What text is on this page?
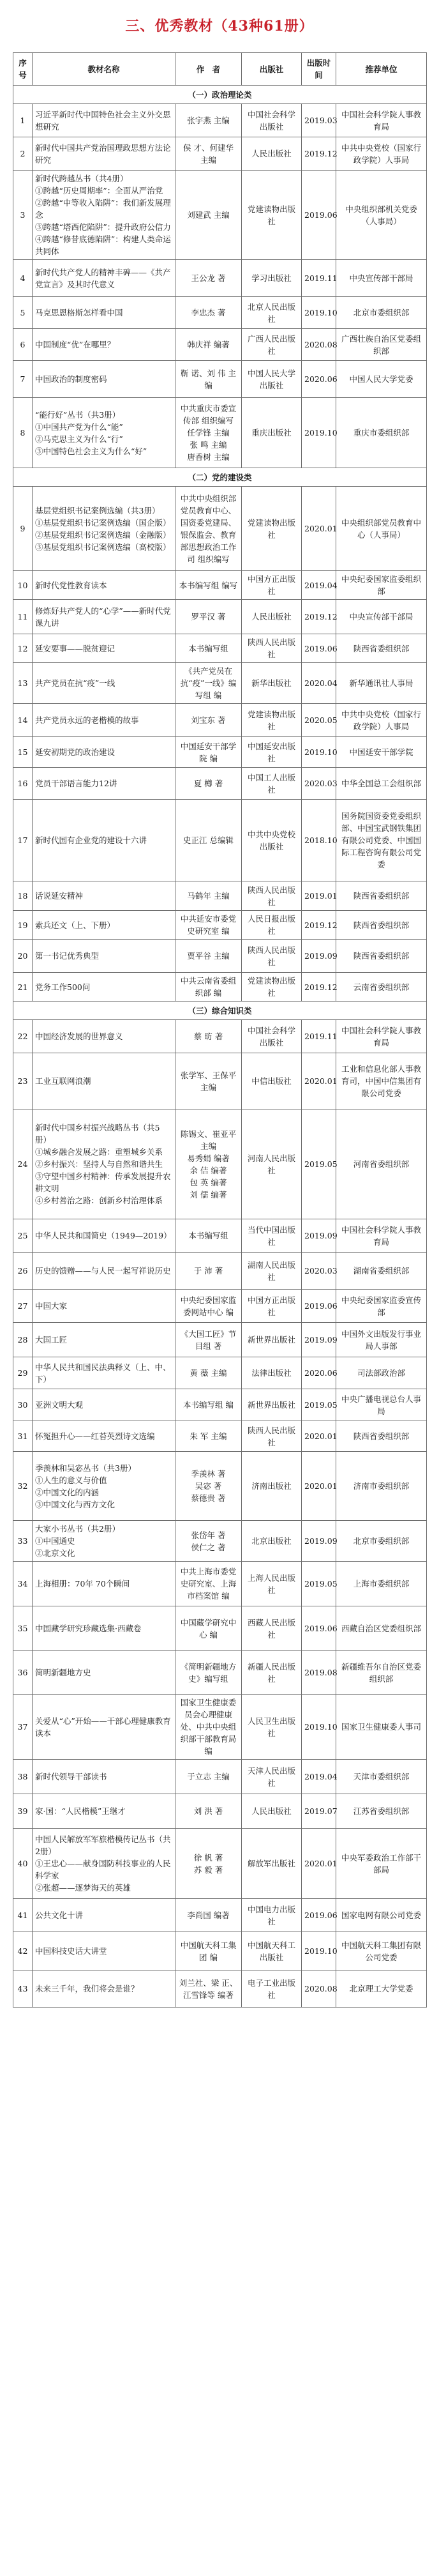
三、优秀教材（43种61册）
序号	教材名称	作　者	出版社	出版时间	推荐单位
（一）政治理论类					
1	习近平新时代中国特色社会主义外交思想研究	张宇燕 主编	中国社会科学出版社	2019.03	中国社会科学院人事教育局
2	新时代中国共产党治国理政思想方法论研究	侯 才、何建华 主编	人民出版社	2019.12	中共中央党校（国家行政学院）人事局
3	新时代跨越丛书（共4册）
①跨越“历史周期率”：全面从严治党
②跨越“中等收入陷阱”：我们新发展理念
③跨越“塔西佗陷阱”：提升政府公信力
④跨越“修昔底德陷阱”：构建人类命运共同体	刘建武 主编	党建读物出版社	2019.06	中央组织部机关党委（人事局）
4	新时代共产党人的精神丰碑——《共产党宣言》及其时代意义	王公龙 著	学习出版社	2019.11	中央宣传部干部局
5	马克思恩格斯怎样看中国	李忠杰 著	北京人民出版社	2019.10	北京市委组织部
6	中国制度“优”在哪里？	韩庆祥 编著	广西人民出版社	2020.08	广西壮族自治区党委组织部
7	中国政治的制度密码	靳 诺、刘 伟 主编	中国人民大学出版社	2020.06	中国人民大学党委
8	“能行好”丛书（共3册）
①中国共产党为什么“能”
②马克思主义为什么“行”
③中国特色社会主义为什么“好”	中共重庆市委宣传部 组织编写
任学锋 主编
张 鸣 主编
唐香树 主编	重庆出版社	2019.10	重庆市委组织部
（二）党的建设类					
9	基层党组织书记案例选编（共3册）
①基层党组织书记案例选编（国企版）
②基层党组织书记案例选编（金融版）
③基层党组织书记案例选编（高校版）	中共中央组织部党员教育中心、国资委党建局、银保监会、教育部思想政治工作司 组织编写	党建读物出版社	2020.01	中央组织部党员教育中心（人事局）
10	新时代党性教育读本	本书编写组 编写	中国方正出版社	2019.04	中央纪委国家监委组织部
11	修炼好共产党人的“心学”——新时代党课九讲	罗平汉 著	人民出版社	2019.12	中央宣传部干部局
12	延安要事——脱贫迎记	本书编写组	陕西人民出版社	2019.06	陕西省委组织部
13	共产党员在抗“疫”一线	《共产党员在抗“疫”一线》编写组 编	新华出版社	2020.04	新华通讯社人事局
14	共产党员永远的老楷模的故事	刘宝东 著	党建读物出版社	2020.05	中共中央党校（国家行政学院）人事局
15	延安初期党的政治建设	中国延安干部学院 编	中国延安出版社	2019.10	中国延安干部学院
16	党员干部语言能力12讲	夏 樽 著	中国工人出版社	2020.03	中华全国总工会组织部
17	新时代国有企业党的建设十六讲	史正江 总编辑	中共中央党校出版社	2018.10	国务院国资委党委组织部、中国宝武钢铁集团有限公司党委、中国国际工程咨询有限公司党委
18	话说延安精神	马鹤年 主编	陕西人民出版社	2019.01	陕西省委组织部
19	索兵还文（上、下册）	中共延安市委党史研究室 编	人民日报出版社	2019.12	陕西省委组织部
20	第一书记优秀典型	贾平谷 主编	陕西人民出版社	2019.09	陕西省委组织部
21	党务工作500问	中共云南省委组织部 编	党建读物出版社	2019.12	云南省委组织部
（三）综合知识类					
22	中国经济发展的世界意义	蔡 昉 著	中国社会科学出版社	2019.11	中国社会科学院人事教育局
23	工业互联网浪潮	张学军、王保平 主编	中信出版社	2020.01	工业和信息化部人事教育司，中国中信集团有限公司党委
24	新时代中国乡村振兴战略丛书（共5册）
①城乡融合发展之路：重塑城乡关系
②乡村振兴：坚持人与自然和谐共生
③守望中国乡村精神：传承发展提升农耕文明
④乡村善治之路：创新乡村治理体系	陈锡文、崔亚平 主编
易秀娟 编著
余 佶 编著
包 英 编著
刘 儒 编著	河南人民出版社	2019.05	河南省委组织部
25	中华人民共和国简史（1949—2019）	本书编写组	当代中国出版社	2019.09	中国社会科学院人事教育局
26	历史的馈赠——与人民一起写祥说历史	于 沛 著	湖南人民出版社	2020.03	湖南省委组织部
27	中国大家	中央纪委国家监委网站中心 编	中国方正出版社	2019.06	中央纪委国家监委宣传部
28	大国工匠	《大国工匠》节目组 著	新世界出版社	2019.09	中国外文出版发行事业局人事部
29	中华人民共和国民法典释义（上、中、下）	黄 薇 主编	法律出版社	2020.06	司法部政治部
30	亚洲文明大观	本书编写组 编	新世界出版社	2019.05	中央广播电视总台人事局
31	怀冤担升心——红苔英烈诗文选编	朱 军 主编	陕西人民出版社	2020.01	陕西省委组织部
32	季羡林和吴宓丛书（共3册）
①人生的意义与价值
②中国文化的内涵
③中国文化与西方文化	季羡林 著
吴宓 著
蔡德贵 著	济南出版社	2020.01	济南市委组织部
33	大家小书丛书（共2册）
①中国通史
②北京文化	张岱年 著
侯仁之 著	北京出版社	2019.09	北京市委组织部
34	上海相册：70年 70个瞬间	中共上海市委党史研究室、上海市档案馆 编	上海人民出版社	2019.05	上海市委组织部
35	中国藏学研究珍藏选集·西藏卷	中国藏学研究中心 编	西藏人民出版社	2019.06	西藏自治区党委组织部
36	简明新疆地方史	《简明新疆地方史》编写组	新疆人民出版社	2019.08	新疆维吾尔自治区党委组织部
37	关爱从“心”开始——干部心理健康教育读本	国家卫生健康委员会心理健康处、中共中央组织部干部教育局 编	人民卫生出版社	2019.10	国家卫生健康委人事司
38	新时代领导干部读书	于立志 主编	天津人民出版社	2019.04	天津市委组织部
39	家·国：“人民楷模”王继才	刘 洪 著	人民出版社	2019.07	江苏省委组织部
40	中国人民解放军军旅楷模传记丛书（共2册）
①王忠心——献身国防科技事业的人民科学家
②张超——逐梦海天的英雄	徐 帆 著
苏 毅 著	解放军出版社	2020.01	中央军委政治工作部干部局
41	公共文化十讲	李尚国 编著	中国电力出版社	2019.06	国家电网有限公司党委
42	中国科技史话大讲堂	中国航天科工集团 编	中国航天科工出版社	2019.10	中国航天科工集团有限公司党委
43	未来三千年，我们将会是谁？	刘兰社、梁 正、江雪锋等 编著	电子工业出版社	2020.08	北京理工大学党委
